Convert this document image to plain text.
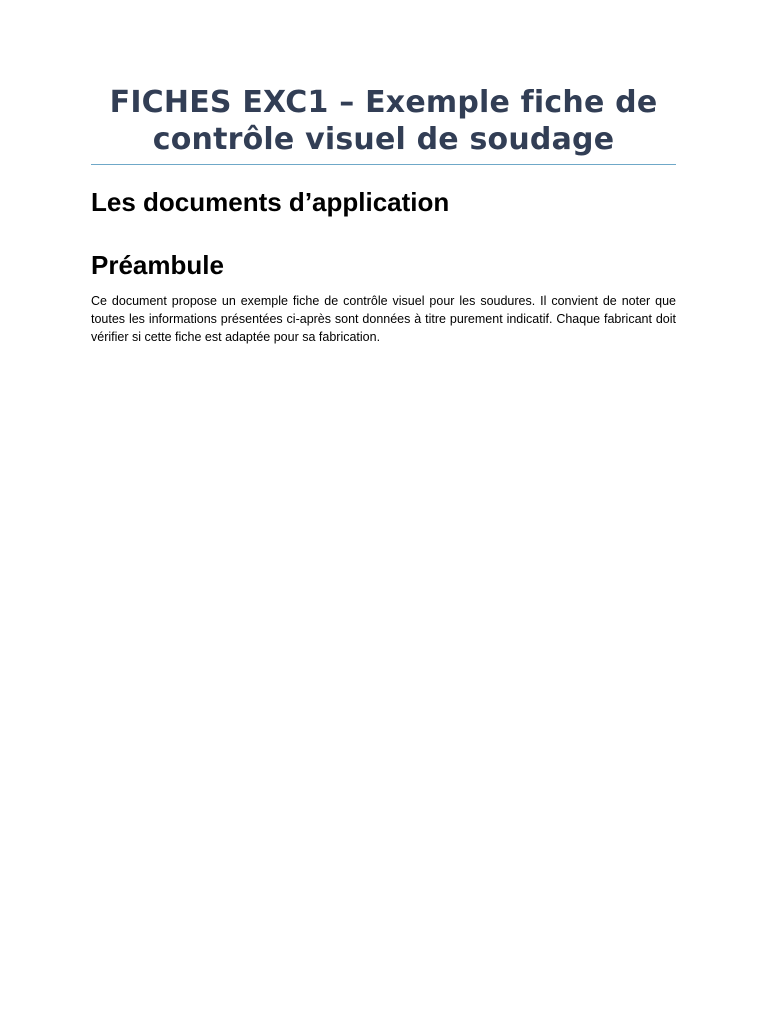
FICHES EXC1 – Exemple fiche de contrôle visuel de soudage
Les documents d’application
Préambule

Ce document propose un exemple fiche de contrôle visuel pour les soudures. Il convient de noter que toutes les informations présentées ci-après sont données à titre purement indicatif. Chaque fabricant doit vérifier si cette fiche est adaptée pour sa fabrication.
